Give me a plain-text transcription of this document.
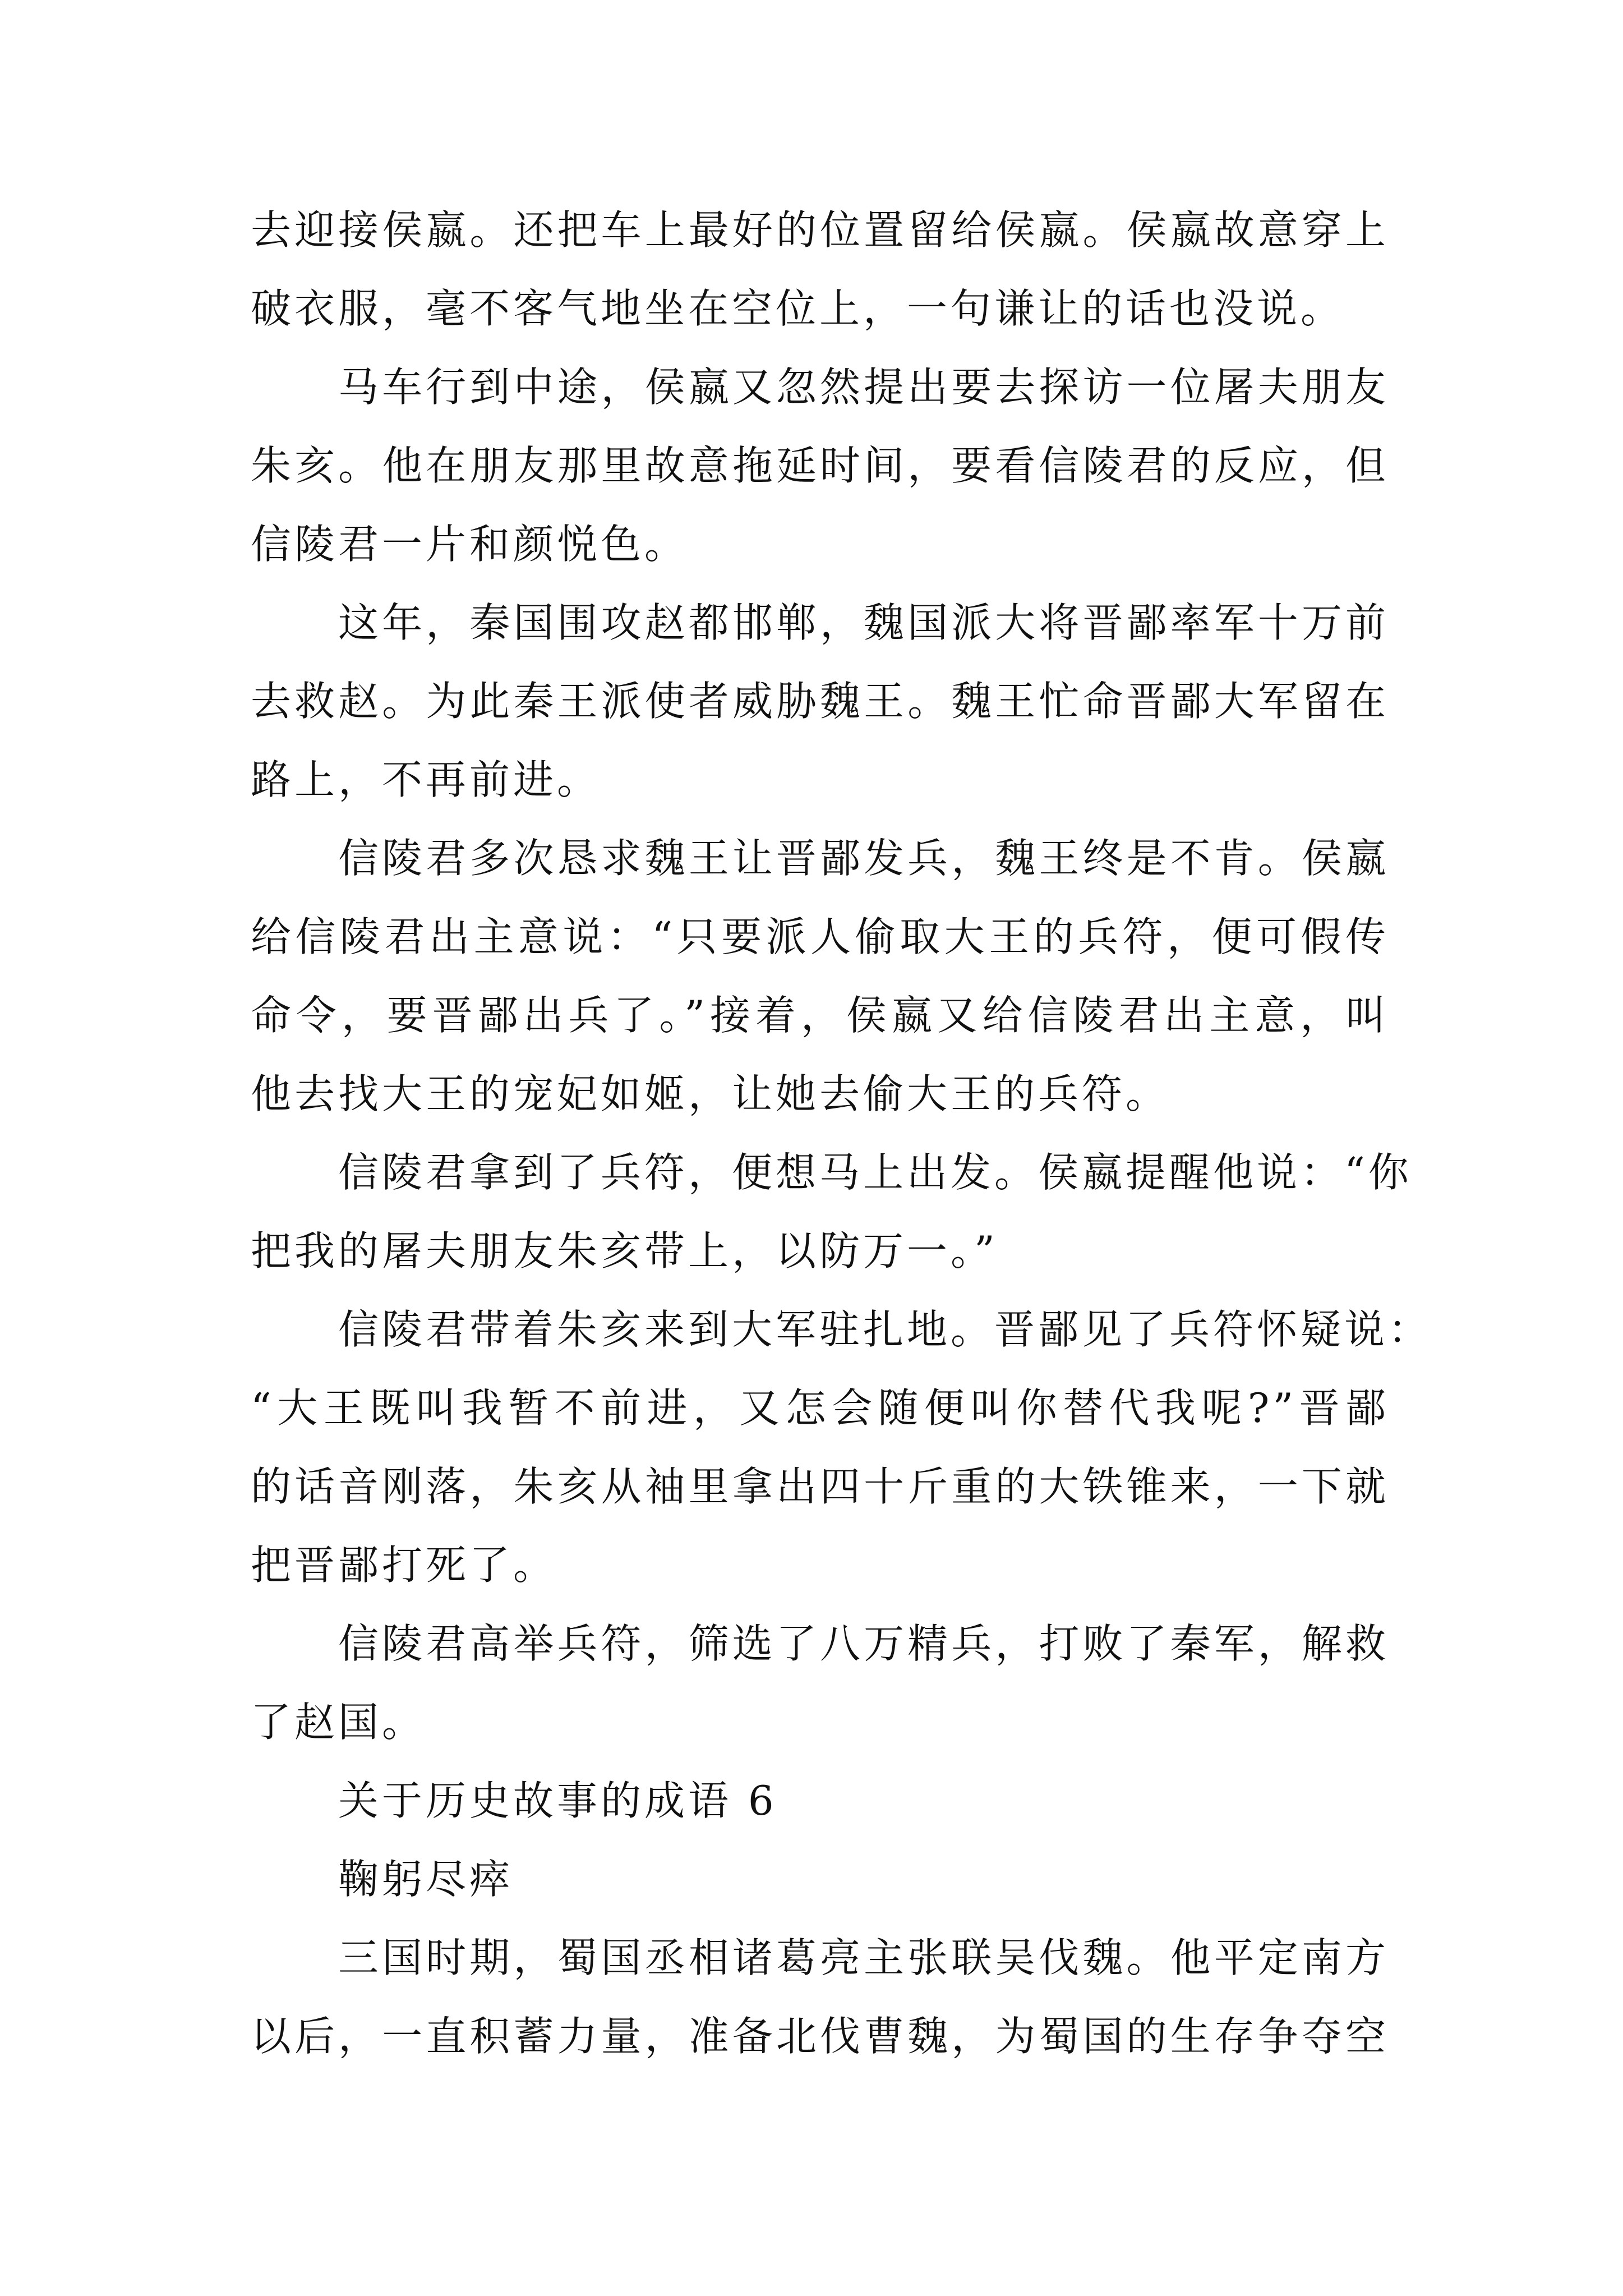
去迎接侯嬴。还把车上最好的位置留给侯嬴。侯嬴故意穿上
破衣服，毫不客气地坐在空位上，一句谦让的话也没说。
马车行到中途，侯嬴又忽然提出要去探访一位屠夫朋友
朱亥。他在朋友那里故意拖延时间，要看信陵君的反应，但
信陵君一片和颜悦色。
这年，秦国围攻赵都邯郸，魏国派大将晋鄙率军十万前
去救赵。为此秦王派使者威胁魏王。魏王忙命晋鄙大军留在
路上，不再前进。
信陵君多次恳求魏王让晋鄙发兵，魏王终是不肯。侯嬴
给信陵君出主意说：“只要派人偷取大王的兵符，便可假传
命令，要晋鄙出兵了。”接着，侯嬴又给信陵君出主意，叫
他去找大王的宠妃如姬，让她去偷大王的兵符。
信陵君拿到了兵符，便想马上出发。侯嬴提醒他说：“你
把我的屠夫朋友朱亥带上，以防万一。”
信陵君带着朱亥来到大军驻扎地。晋鄙见了兵符怀疑说：
“大王既叫我暂不前进，又怎会随便叫你替代我呢?”晋鄙
的话音刚落，朱亥从袖里拿出四十斤重的大铁锥来，一下就
把晋鄙打死了。
信陵君高举兵符，筛选了八万精兵，打败了秦军，解救
了赵国。
关于历史故事的成语 6
鞠躬尽瘁
三国时期，蜀国丞相诸葛亮主张联吴伐魏。他平定南方
以后，一直积蓄力量，准备北伐曹魏，为蜀国的生存争夺空
